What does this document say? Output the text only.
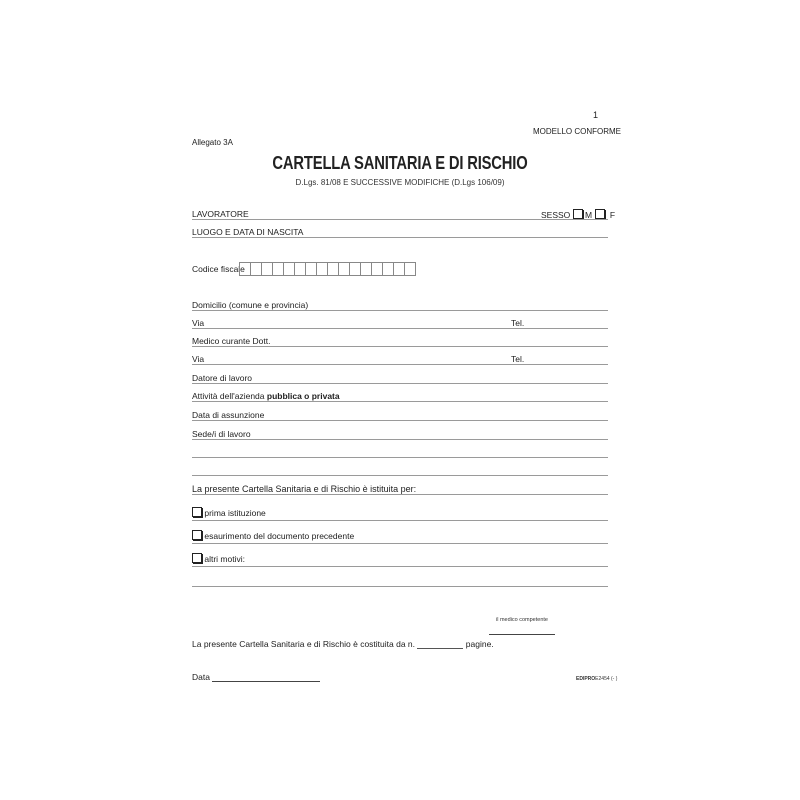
1
MODELLO CONFORME
Allegato 3A
CARTELLA SANITARIA E DI RISCHIO
D.Lgs. 81/08 E SUCCESSIVE MODIFICHE (D.Lgs 106/09)
LAVORATORE	SESSO M F
LUOGO E DATA DI NASCITA
Codice fiscale
Domicilio (comune e provincia)
Via	Tel.
Medico curante Dott.
Via	Tel.
Datore di lavoro
Attività dell'azienda pubblica o privata
Data di assunzione
Sede/i di lavoro
La presente Cartella Sanitaria e di Rischio è istituita per:
prima istituzione
esaurimento del documento precedente
altri motivi:
il medico competente
La presente Cartella Sanitaria e di Rischio è costituita da n.	pagine.
Data	EDIPROE2454 (- )
